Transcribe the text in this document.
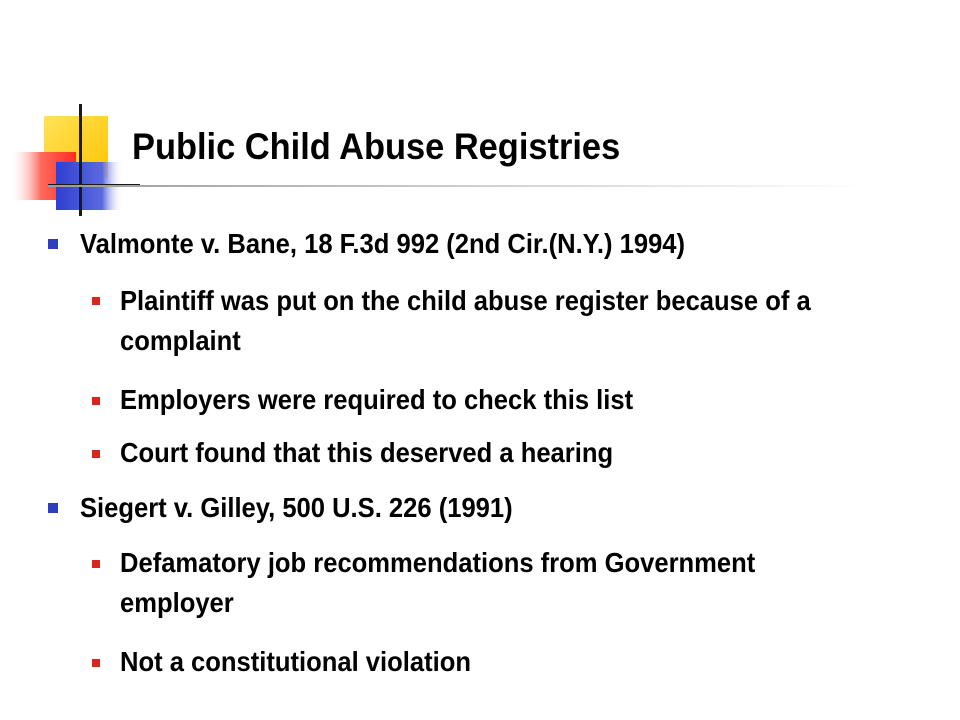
Public Child Abuse Registries
Valmonte v. Bane, 18 F.3d 992 (2nd Cir.(N.Y.) 1994)
Plaintiff was put on the child abuse register because of a complaint
Employers were required to check this list
Court found that this deserved a hearing
Siegert v. Gilley, 500 U.S. 226 (1991)
Defamatory job recommendations from Government employer
Not a constitutional violation
